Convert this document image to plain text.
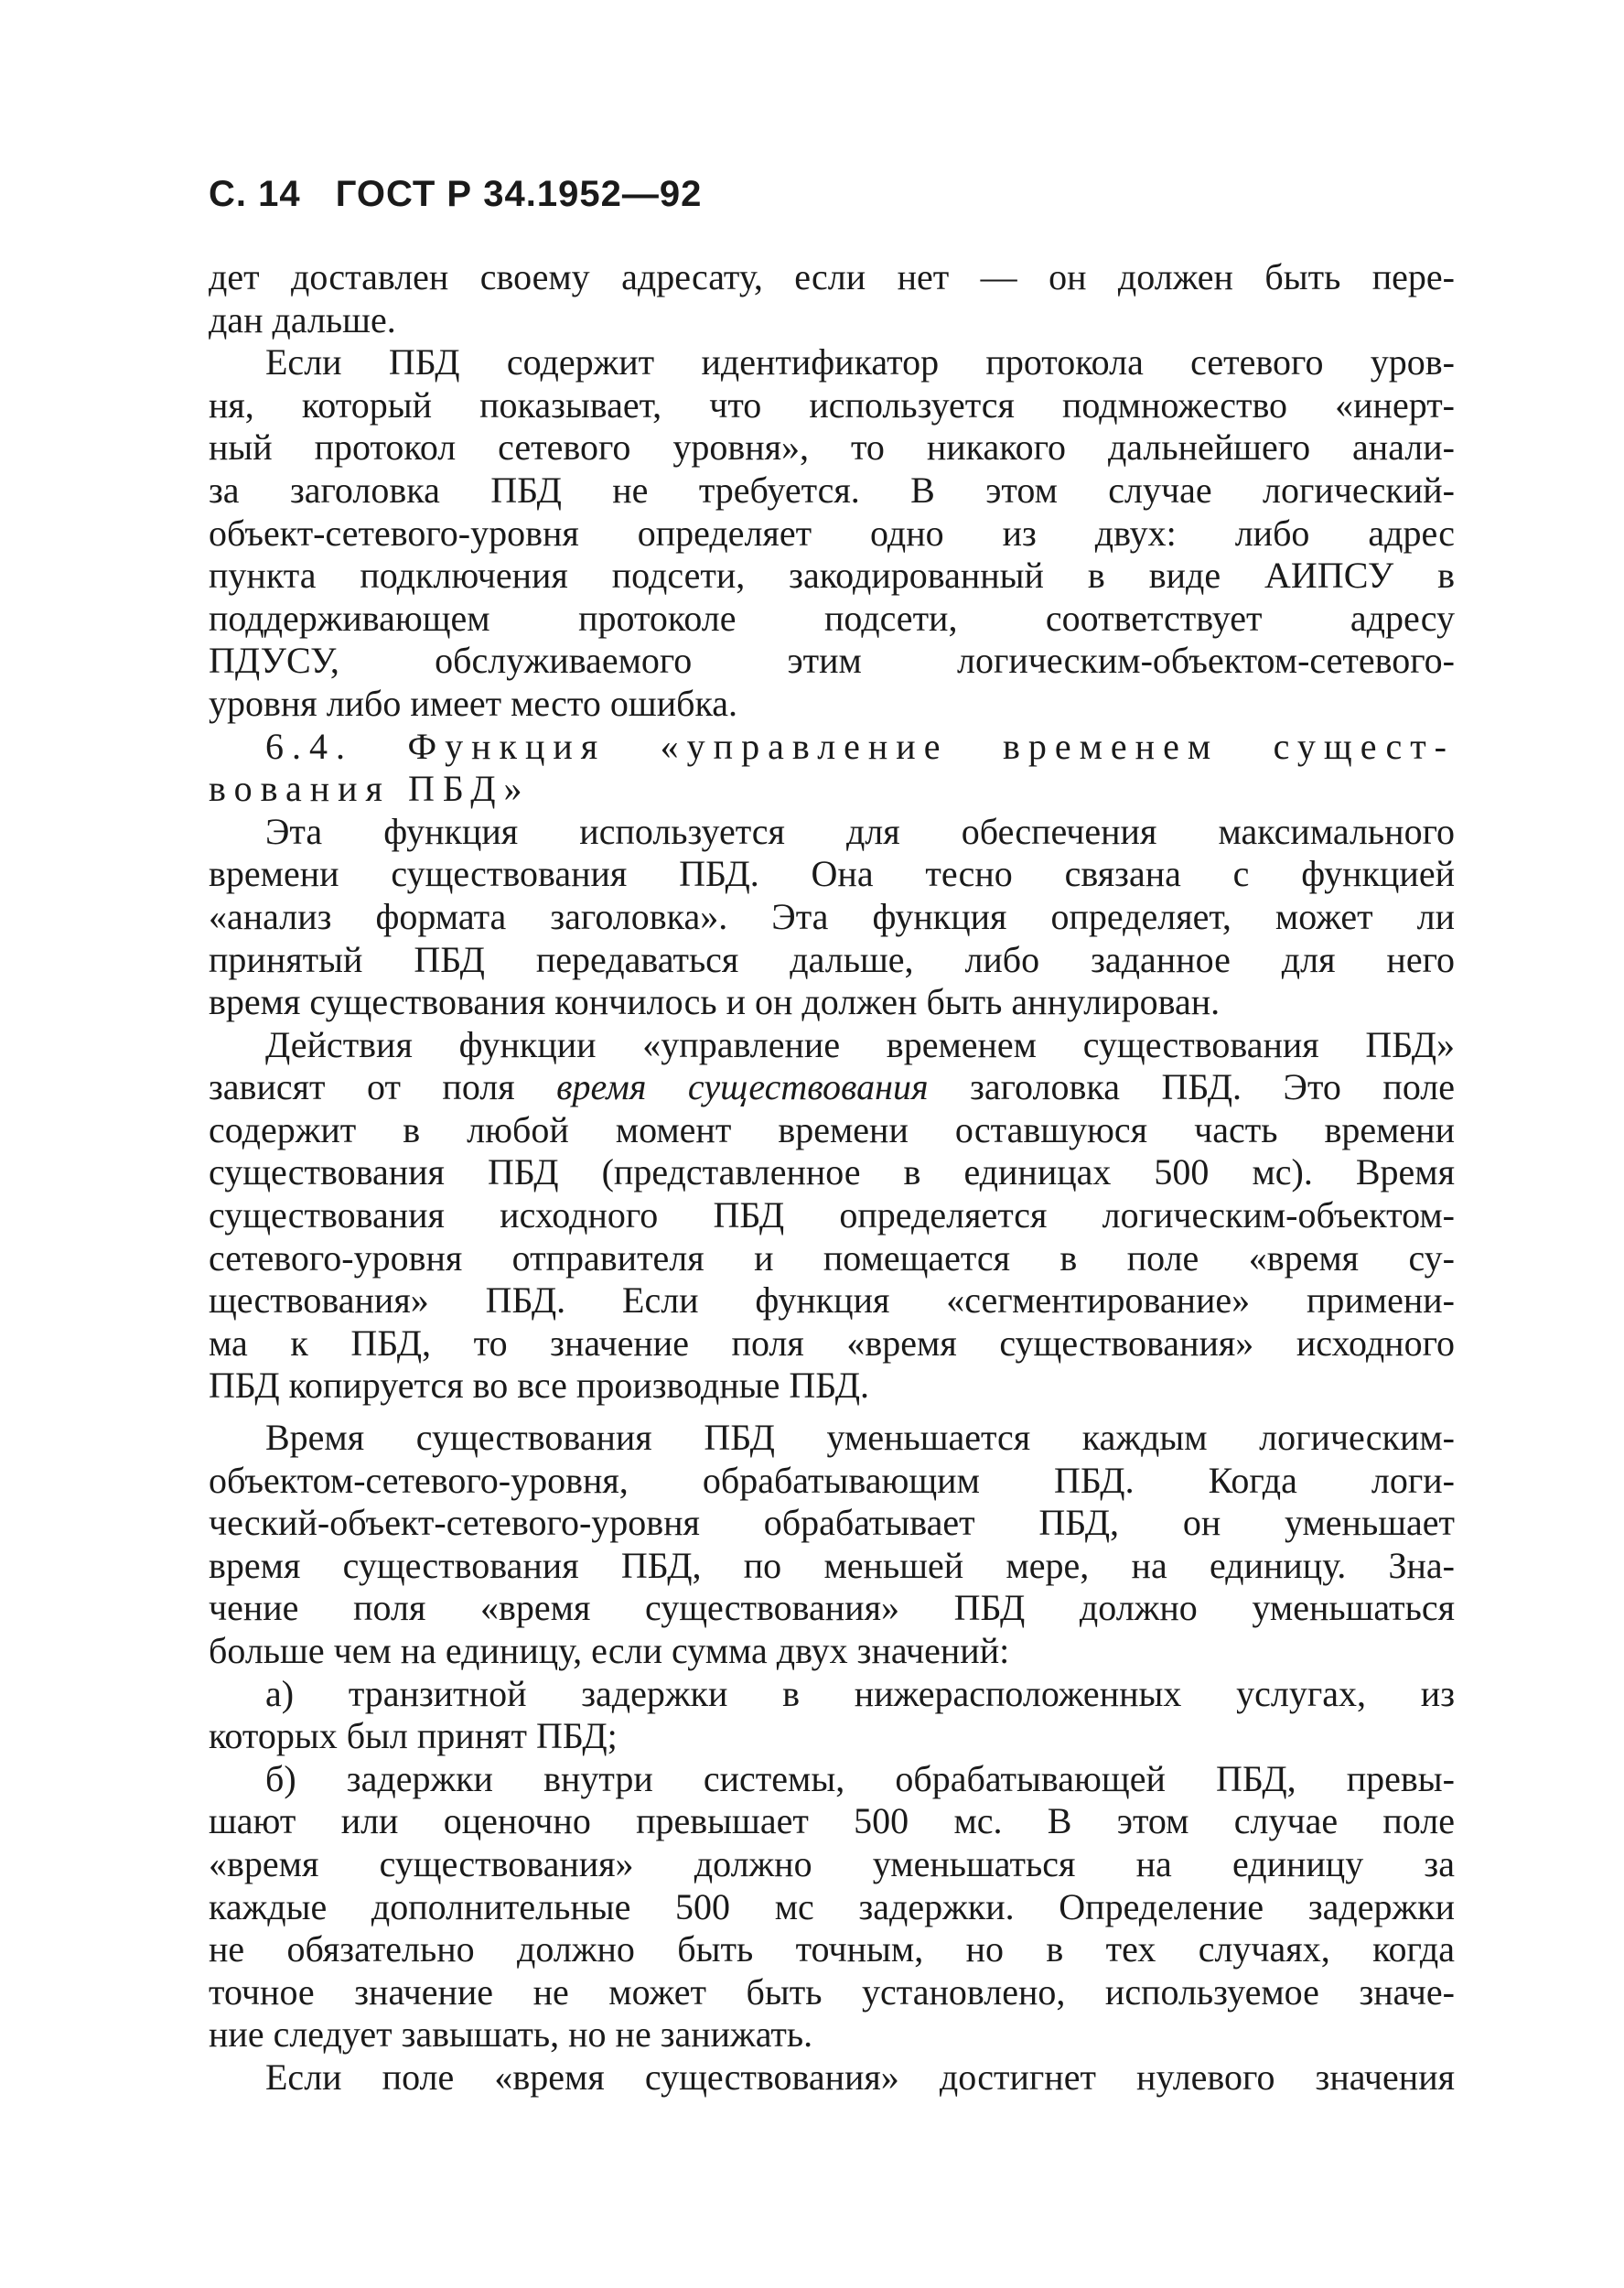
С. 14 ГОСТ Р 34.1952—92
дет доставлен своему адресату, если нет — он должен быть пере-
дан дальше.
Если ПБД содержит идентификатор протокола сетевого уров-
ня, который показывает, что используется подмножество «инерт-
ный протокол сетевого уровня», то никакого дальнейшего анали-
за заголовка ПБД не требуется. В этом случае логический-
объект-сетевого-уровня определяет одно из двух: либо адрес
пункта подключения подсети, закодированный в виде АИПСУ в
поддерживающем протоколе подсети, соответствует адресу
ПДУСУ, обслуживаемого этим логическим-объектом-сетевого-
уровня либо имеет место ошибка.
6.4. Функция «управление временем сущест-
вования ПБД»
Эта функция используется для обеспечения максимального
времени существования ПБД. Она тесно связана с функцией
«анализ формата заголовка». Эта функция определяет, может ли
принятый ПБД передаваться дальше, либо заданное для него
время существования кончилось и он должен быть аннулирован.
Действия функции «управление временем существования ПБД»
зависят от поля время существования заголовка ПБД. Это поле
содержит в любой момент времени оставшуюся часть времени
существования ПБД (представленное в единицах 500 мс). Время
существования исходного ПБД определяется логическим-объектом-
сетевого-уровня отправителя и помещается в поле «время су-
ществования» ПБД. Если функция «сегментирование» примени-
ма к ПБД, то значение поля «время существования» исходного
ПБД копируется во все производные ПБД.
Время существования ПБД уменьшается каждым логическим-
объектом-сетевого-уровня, обрабатывающим ПБД. Когда логи-
ческий-объект-сетевого-уровня обрабатывает ПБД, он уменьшает
время существования ПБД, по меньшей мере, на единицу. Зна-
чение поля «время существования» ПБД должно уменьшаться
больше чем на единицу, если сумма двух значений:
а) транзитной задержки в нижерасположенных услугах, из
которых был принят ПБД;
б) задержки внутри системы, обрабатывающей ПБД, превы-
шают или оценочно превышает 500 мс. В этом случае поле
«время существования» должно уменьшаться на единицу за
каждые дополнительные 500 мс задержки. Определение задержки
не обязательно должно быть точным, но в тех случаях, когда
точное значение не может быть установлено, используемое значе-
ние следует завышать, но не занижать.
Если поле «время существования» достигнет нулевого значения
